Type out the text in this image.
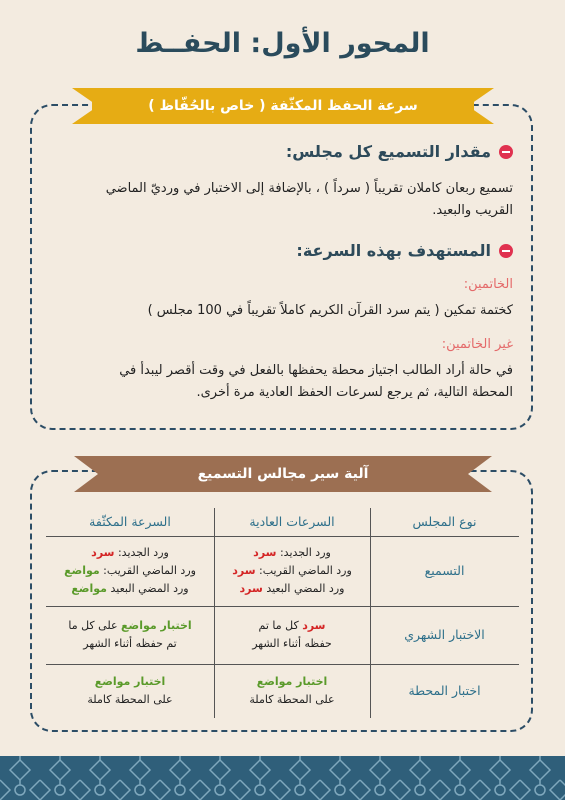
المحور الأول: الحفــظ
سرعة الحفظ المكثّفة ( خاص بالحُفّاظ )
مقدار التسميع كل مجلس:
تسميع ربعان كاملان تقريباً ( سرداً ) ، بالإضافة إلى الاختبار في ورديّ الماضي
القريب والبعيد.
المستهدف بهذه السرعة:
الخاتمين:
كختمة تمكين ( يتم سرد القرآن الكريم كاملاً تقريباً في 100 مجلس )
غير الخاتمين:
في حالة أراد الطالب اجتياز محطة يحفظها بالفعل في وقت أقصر ليبدأ في
المحطة التالية، ثم يرجع لسرعات الحفظ العادية مرة أخرى.
آلية سير مجالس التسميع
نوع المجلس
السرعات العادية
السرعة المكثّفة
التسميع
ورد الجديد: سرد
ورد الماضي القريب: سرد
ورد المضي البعيد سرد
ورد الجديد: سرد
ورد الماضي القريب: مواضع
ورد المضي البعيد مواضع
الاختبار الشهري
سرد كل ما تم
حفظه أثناء الشهر
اختبار مواضع على كل ما
تم حفظه أثناء الشهر
اختبار المحطة
اختبار مواضع
على المحطة كاملة
اختبار مواضع
على المحطة كاملة
